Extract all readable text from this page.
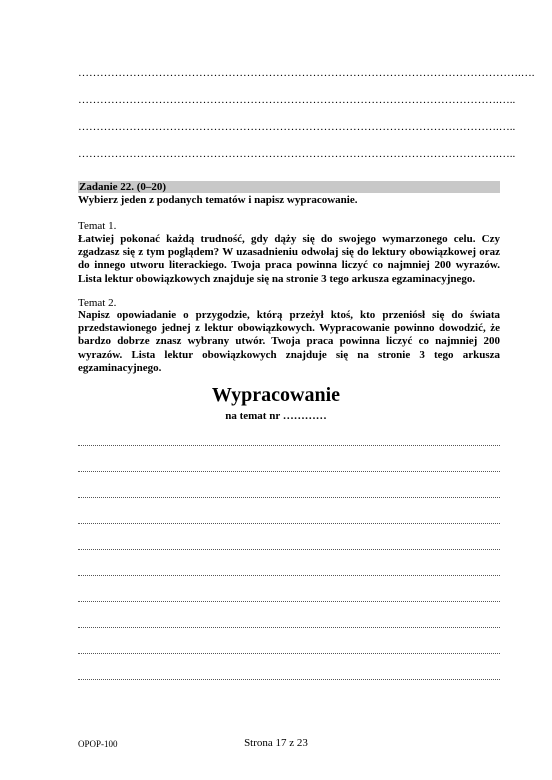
………………………………………………………………………………………………………….….
…………………………………………………………………………………………………….…..
…………………………………………………………………………………………………….…..
…………………………………………………………………………………………………….…..
Zadanie 22. (0–20)
Wybierz jeden z podanych tematów i napisz wypracowanie.
Temat 1.
Łatwiej pokonać każdą trudność, gdy dąży się do swojego wymarzonego celu. Czy zgadzasz się z tym poglądem? W uzasadnieniu odwołaj się do lektury obowiązkowej oraz do innego utworu literackiego. Twoja praca powinna liczyć co najmniej 200 wyrazów. Lista lektur obowiązkowych znajduje się na stronie 3 tego arkusza egzaminacyjnego.
Temat 2.
Napisz opowiadanie o przygodzie, którą przeżył ktoś, kto przeniósł się do świata przedstawionego jednej z lektur obowiązkowych. Wypracowanie powinno dowodzić, że bardzo dobrze znasz wybrany utwór. Twoja praca powinna liczyć co najmniej 200 wyrazów. Lista lektur obowiązkowych znajduje się na stronie 3 tego arkusza egzaminacyjnego.
Wypracowanie
na temat nr …………
OPOP-100	Strona 17 z 23
